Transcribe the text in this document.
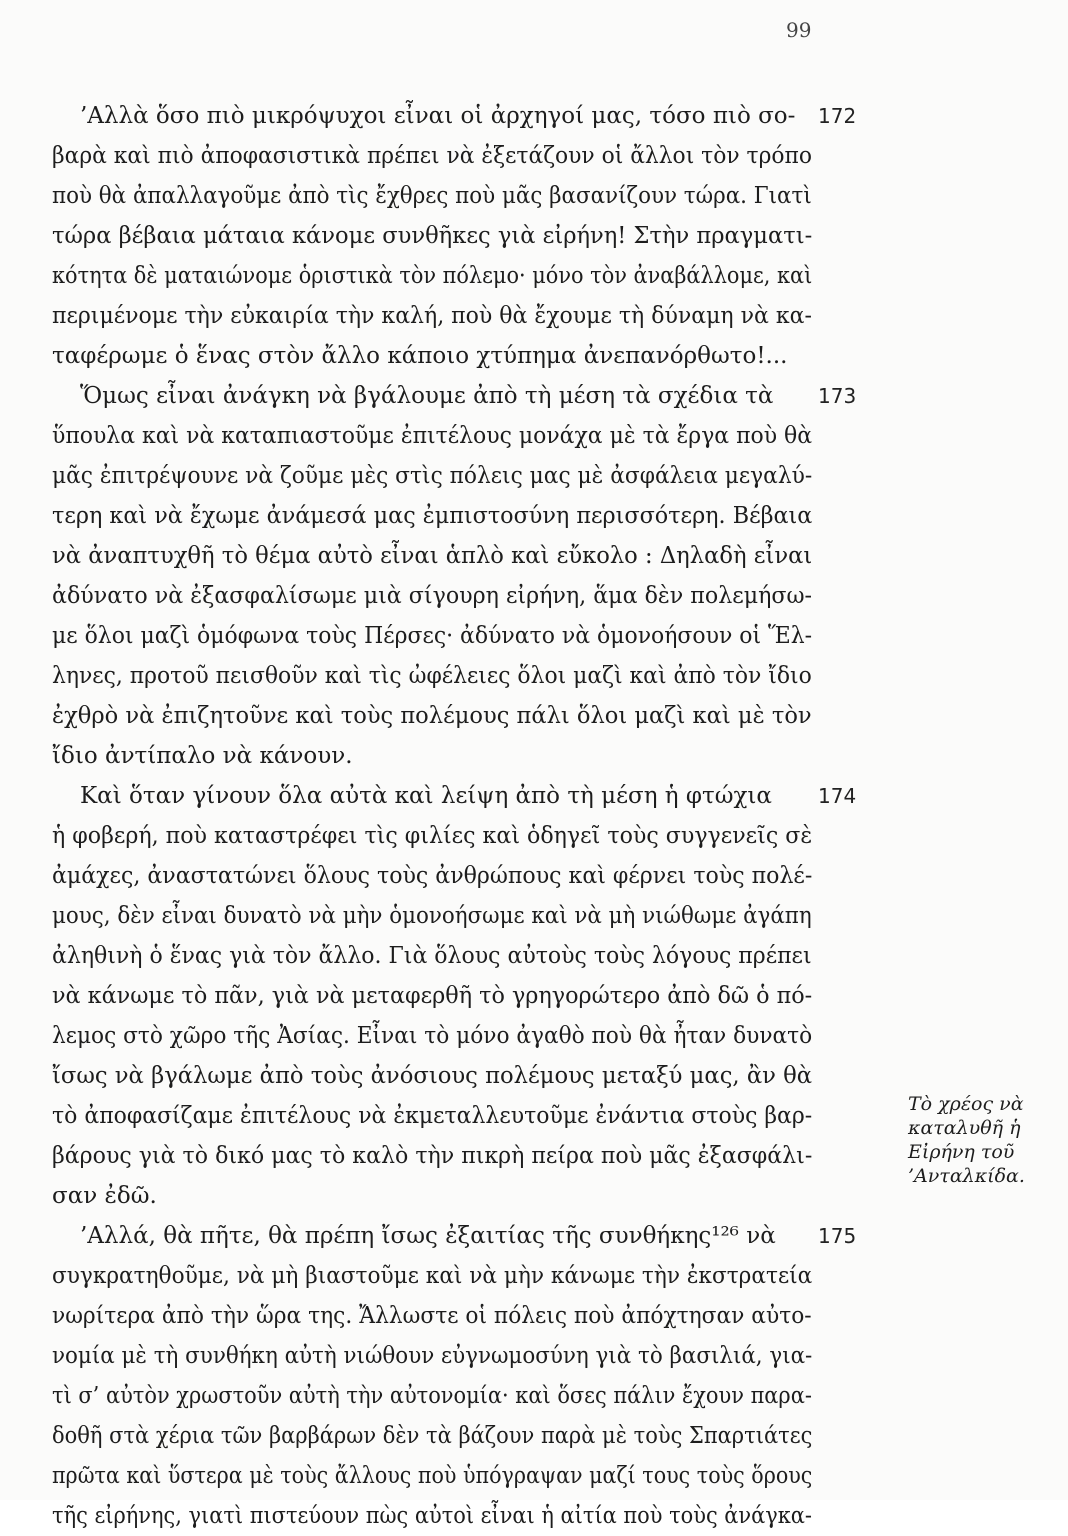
99
’Αλλὰ ὅσο πιὸ μικρόψυχοι εἶναι οἱ ἀρχηγοί μας, τόσο πιὸ σο- 172
βαρὰ καὶ πιὸ ἀποφασιστικὰ πρέπει νὰ ἐξετάζουν οἱ ἄλλοι τὸν τρόπο
ποὺ θὰ ἀπαλλαγοῦμε ἀπὸ τὶς ἔχθρες ποὺ μᾶς βασανίζουν τώρα. Γιατὶ
τώρα βέβαια μάταια κάνομε συνθῆκες γιὰ εἰρήνη! Στὴν πραγματι-
κότητα δὲ ματαιώνομε ὁριστικὰ τὸν πόλεμο· μόνο τὸν ἀναβάλλομε, καὶ
περιμένομε τὴν εὐκαιρία τὴν καλή, ποὺ θὰ ἔχουμε τὴ δύναμη νὰ κα-
ταφέρωμε ὁ ἕνας στὸν ἄλλο κάποιο χτύπημα ἀνεπανόρθωτο!...
Ὅμως εἶναι ἀνάγκη νὰ βγάλουμε ἀπὸ τὴ μέση τὰ σχέδια τὰ 173
ὕπουλα καὶ νὰ καταπιαστοῦμε ἐπιτέλους μονάχα μὲ τὰ ἔργα ποὺ θὰ
μᾶς ἐπιτρέψουνε νὰ ζοῦμε μὲς στὶς πόλεις μας μὲ ἀσφάλεια μεγαλύ-
τερη καὶ νὰ ἔχωμε ἀνάμεσά μας ἐμπιστοσύνη περισσότερη. Βέβαια
νὰ ἀναπτυχθῆ τὸ θέμα αὐτὸ εἶναι ἁπλὸ καὶ εὔκολο : Δηλαδὴ εἶναι
ἀδύνατο νὰ ἐξασφαλίσωμε μιὰ σίγουρη εἰρήνη, ἅμα δὲν πολεμήσω-
με ὅλοι μαζὶ ὁμόφωνα τοὺς Πέρσες· ἀδύνατο νὰ ὁμονοήσουν οἱ Ἕλ-
ληνες, προτοῦ πεισθοῦν καὶ τὶς ὠφέλειες ὅλοι μαζὶ καὶ ἀπὸ τὸν ἴδιο
ἐχθρὸ νὰ ἐπιζητοῦνε καὶ τοὺς πολέμους πάλι ὅλοι μαζὶ καὶ μὲ τὸν
ἴδιο ἀντίπαλο νὰ κάνουν.
Καὶ ὅταν γίνουν ὅλα αὐτὰ καὶ λείψη ἀπὸ τὴ μέση ἡ φτώχια 174
ἡ φοβερή, ποὺ καταστρέφει τὶς φιλίες καὶ ὁδηγεῖ τοὺς συγγενεῖς σὲ
ἀμάχες, ἀναστατώνει ὅλους τοὺς ἀνθρώπους καὶ φέρνει τοὺς πολέ-
μους, δὲν εἶναι δυνατὸ νὰ μὴν ὁμονοήσωμε καὶ νὰ μὴ νιώθωμε ἀγάπη
ἀληθινὴ ὁ ἕνας γιὰ τὸν ἄλλο. Γιὰ ὅλους αὐτοὺς τοὺς λόγους πρέπει
νὰ κάνωμε τὸ πᾶν, γιὰ νὰ μεταφερθῆ τὸ γρηγορώτερο ἀπὸ δῶ ὁ πό-
λεμος στὸ χῶρο τῆς Ἀσίας. Εἶναι τὸ μόνο ἀγαθὸ ποὺ θὰ ἦταν δυνατὸ
ἴσως νὰ βγάλωμε ἀπὸ τοὺς ἀνόσιους πολέμους μεταξύ μας, ἂν θὰ
τὸ ἀποφασίζαμε ἐπιτέλους νὰ ἐκμεταλλευτοῦμε ἐνάντια στοὺς βαρ-
βάρους γιὰ τὸ δικό μας τὸ καλὸ τὴν πικρὴ πείρα ποὺ μᾶς ἐξασφάλι-
σαν ἐδῶ.
’Αλλά, θὰ πῆτε, θὰ πρέπη ἴσως ἐξαιτίας τῆς συνθήκης¹²⁶ νὰ 175
συγκρατηθοῦμε, νὰ μὴ βιαστοῦμε καὶ νὰ μὴν κάνωμε τὴν ἐκστρατεία
νωρίτερα ἀπὸ τὴν ὥρα της. Ἄλλωστε οἱ πόλεις ποὺ ἀπόχτησαν αὐτο-
νομία μὲ τὴ συνθήκη αὐτὴ νιώθουν εὐγνωμοσύνη γιὰ τὸ βασιλιά, για-
τὶ σ’ αὐτὸν χρωστοῦν αὐτὴ τὴν αὐτονομία· καὶ ὅσες πάλιν ἔχουν παρα-
δοθῆ στὰ χέρια τῶν βαρβάρων δὲν τὰ βάζουν παρὰ μὲ τοὺς Σπαρτιάτες
πρῶτα καὶ ὕστερα μὲ τοὺς ἄλλους ποὺ ὑπόγραψαν μαζί τους τοὺς ὅρους
τῆς εἰρήνης, γιατὶ πιστεύουν πὼς αὐτοὶ εἶναι ἡ αἰτία ποὺ τοὺς ἀνάγκα-
Τὸ χρέος νὰ
καταλυθῆ ἡ
Εἰρήνη τοῦ
’Ανταλκίδα.
